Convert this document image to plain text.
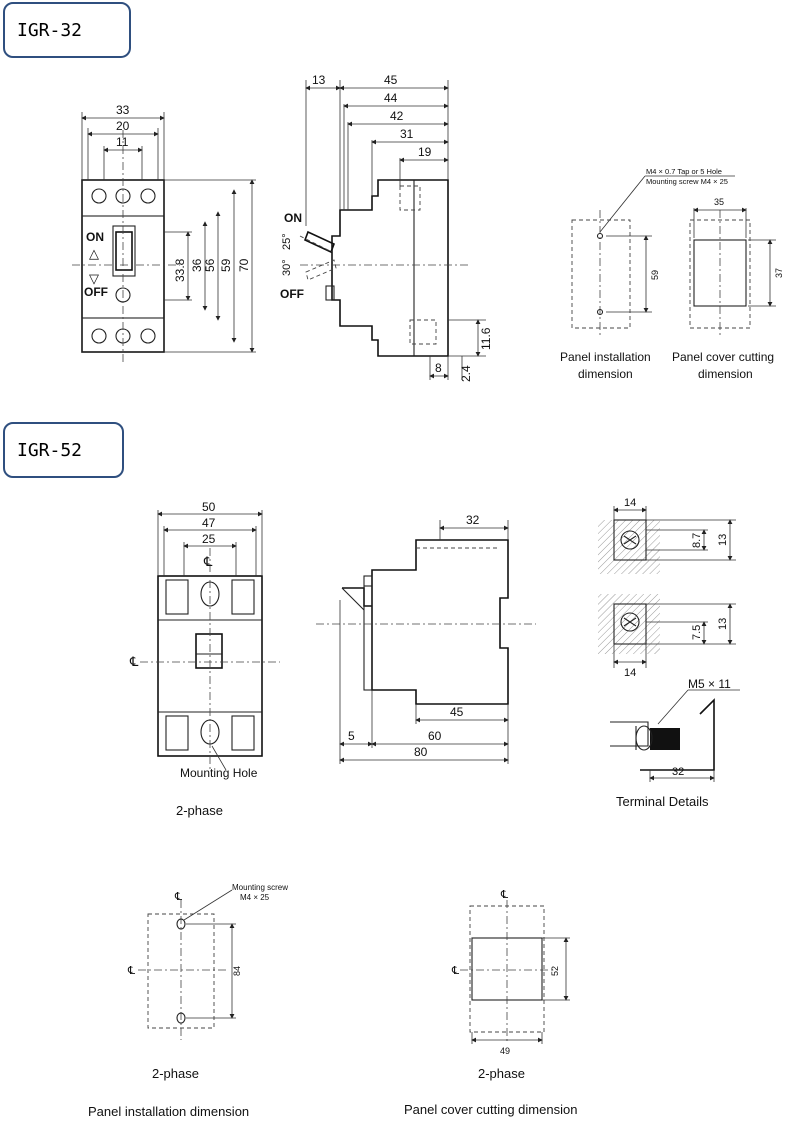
IGR-32
IGR-52
ON
△
▽
OFF
33
20
11
33.8 36 56 59 70
13	45
44
42
31
19
8 2.4
11.6
ON
OFF
25°
30°
M4 × 0.7 Tap or 5 Hole
Mounting screw M4 × 25
59
Panel installation
dimension
35
37
Panel cover cutting
dimension
50
47
25
℄
℄
Mounting Hole
2-phase
32
45
5	60
80
14
8.7 13
7.5
13
14
M5 × 11
32
Terminal Details
Mounting screw
M4 × 25
℄
℄	84
2-phase
Panel installation dimension
℄
℄	52
49
2-phase
Panel cover cutting dimension
